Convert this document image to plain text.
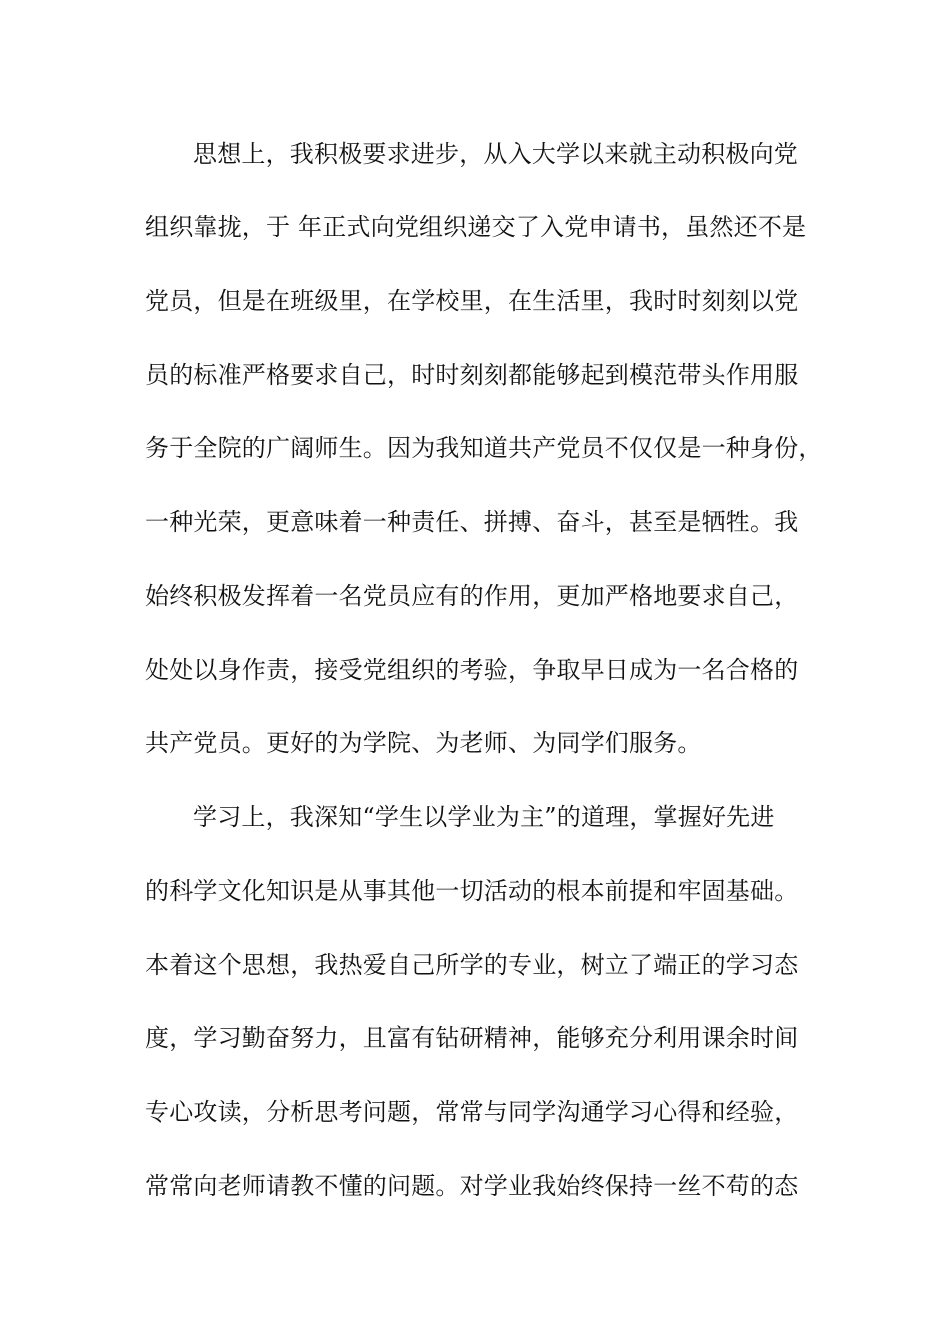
思想上，我积极要求进步，从入大学以来就主动积极向党
组织靠拢，于 年正式向党组织递交了入党申请书，虽然还不是
党员，但是在班级里，在学校里，在生活里，我时时刻刻以党
员的标准严格要求自己，时时刻刻都能够起到模范带头作用服
务于全院的广阔师生。因为我知道共产党员不仅仅是一种身份，
一种光荣，更意味着一种责任、拼搏、奋斗，甚至是牺牲。我
始终积极发挥着一名党员应有的作用，更加严格地要求自己，
处处以身作责，接受党组织的考验，争取早日成为一名合格的
共产党员。更好的为学院、为老师、为同学们服务。
学习上，我深知“学生以学业为主”的道理，掌握好先进
的科学文化知识是从事其他一切活动的根本前提和牢固基础。
本着这个思想，我热爱自己所学的专业，树立了端正的学习态
度，学习勤奋努力，且富有钻研精神，能够充分利用课余时间
专心攻读，分析思考问题，常常与同学沟通学习心得和经验，
常常向老师请教不懂的问题。对学业我始终保持一丝不苟的态
